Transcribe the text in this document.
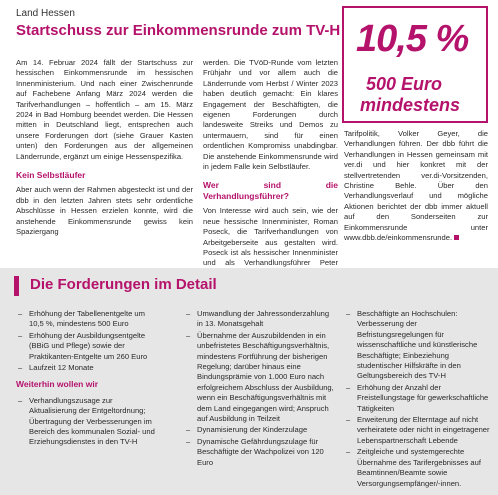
Land Hessen
Startschuss zur Einkommensrunde zum TV-H 10,5 %
500 Euro
mindestens

Am 14. Februar 2024 fällt der Startschuss zur hessischen Einkommensrunde im hessischen Innenministerium. Und nach einer Zwischenrunde auf Fachebene Anfang März 2024 werden die Tarifverhandlungen – hoffentlich – am 15. März 2024 in Bad Homburg beendet werden. Die Hessen mitten in Deutschland liegt, entsprechen auch unsere Forderungen dort (siehe Grauer Kasten unten) den Forderungen aus der allgemeinen Länderrunde, ergänzt um einige Hessenspezifika.

Kein Selbstläufer

Aber auch wenn der Rahmen abgesteckt ist und der dbb in den letzten Jahren stets sehr ordentliche Abschlüsse in Hessen erzielen konnte, wird die anstehende Einkommensrunde gewiss kein Spaziergang

werden. Die TVöD-Runde vom letzten Frühjahr und vor allem auch die Länderrunde vom Herbst / Winter 2023 haben deutlich gemacht: Ein klares Engagement der Beschäftigten, die eigenen Forderungen durch landesweite Streiks und Demos zu untermauern, sind für einen ordentlichen Kompromiss unabdingbar. Die anstehende Einkommensrunde wird in jedem Falle kein Selbstläufer.

Wer sind die Verhandlungsführer?

Von Interesse wird auch sein, wie der neue hessische Innenminister, Roman Poseck, die Tarifverhandlungen von Arbeitgeberseite aus gestalten wird. Poseck ist als hessischer Innenminister und als Verhandlungsführer Peter

Tarifpolitik, Volker Geyer, die Verhandlungen führen. Der dbb führt die Verhandlungen in Hessen gemeinsam mit ver.di und hier konkret mit der stellvertretenden ver.di-Vorsitzenden, Christine Behle. Über den Verhandlungsverlauf und mögliche Aktionen berichtet der dbb immer aktuell auf den Sonderseiten zur Einkommensrunde unter www.dbb.de/einkommensrunde.

Die Forderungen im Detail
– Erhöhung der Tabellenentgelte um 10,5 %, mindestens 500 Euro
– Erhöhung der Ausbildungsentgelte (BBiG und Pflege) sowie der Praktikanten-Entgelte um 260 Euro
– Laufzeit 12 Monate
Weiterhin wollen wir
– Verhandlungszusage zur Aktualisierung der Entgeltordnung; Übertragung der Verbesserungen im Bereich des kommunalen Sozial- und Erziehungsdienstes in den TV-H
– Umwandlung der Jahressonderzahlung in 13. Monatsgehalt
– Übernahme der Auszubildenden in ein unbefristetes Beschäftigungsverhältnis, mindestens Fortführung der bisherigen Regelung; darüber hinaus eine Bindungsprämie von 1.000 Euro nach erfolgreichem Abschluss der Ausbildung, wenn ein Beschäftigungsverhältnis mit dem Land eingegangen wird; Anspruch auf Ausbildung in Teilzeit
– Dynamisierung der Kinderzulage
– Dynamische Gefährdungszulage für Beschäftigte der Wachpolizei von 120 Euro
– Beschäftigte an Hochschulen: Verbesserung der Befristungsregelungen für wissenschaftliche und künstlerische Beschäftigte; Einbeziehung studentischer Hilfskräfte in den Geltungsbereich des TV-H
– Erhöhung der Anzahl der Freistellungstage für gewerkschaftliche Tätigkeiten
– Erweiterung der Elterntage auf nicht verheiratete oder nicht in eingetragener Lebenspartnerschaft Lebende
– Zeitgleiche und systemgerechte Übernahme des Tarifergebnisses auf Beamtinnen/Beamte sowie Versorgungsempfänger/-innen.
